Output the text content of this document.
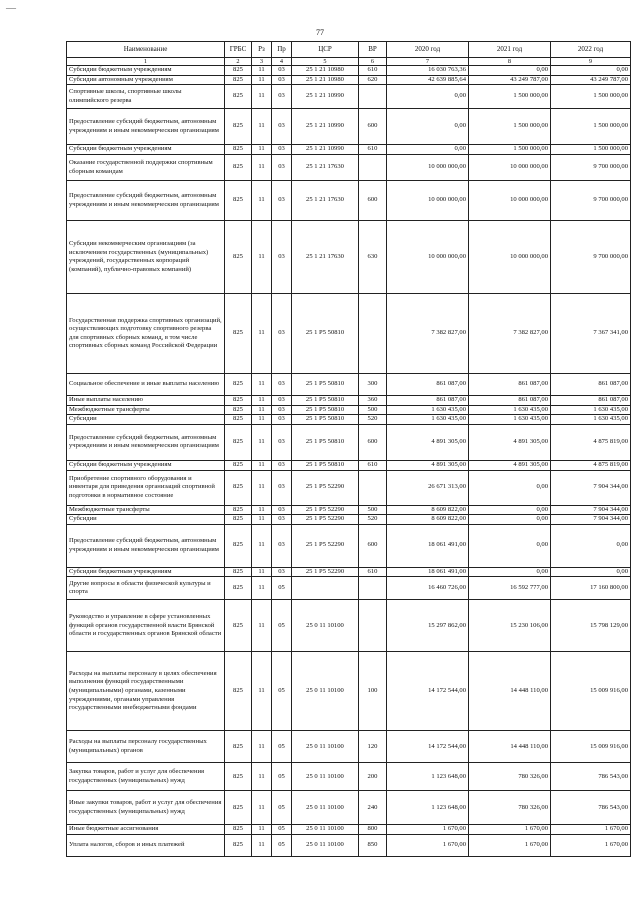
—
77
Наименование	ГРБС	Рз	Пр	ЦСР	ВР	2020 год	2021 год	2022 год
1	2	3	4	5	6	7	8	9
Субсидии бюджетным учреждениям	825	11	03	25 1 21 10980	610	16 030 763,36	0,00	0,00
Субсидии автономным учреждениям	825	11	03	25 1 21 10980	620	42 639 885,64	43 249 787,00	43 249 787,00
Спортивные школы, спортивные школы олимпийского резерва	825	11	03	25 1 21 10990		0,00	1 500 000,00	1 500 000,00
Предоставление субсидий бюджетным, автономным учреждениям и иным некоммерческим организациям	825	11	03	25 1 21 10990	600	0,00	1 500 000,00	1 500 000,00
Субсидии бюджетным учреждениям	825	11	03	25 1 21 10990	610	0,00	1 500 000,00	1 500 000,00
Оказание государственной поддержки спортивным сборным командам	825	11	03	25 1 21 17630		10 000 000,00	10 000 000,00	9 700 000,00
Предоставление субсидий бюджетным, автономным учреждениям и иным некоммерческим организациям	825	11	03	25 1 21 17630	600	10 000 000,00	10 000 000,00	9 700 000,00
Субсидии некоммерческим организациям (за исключением государственных (муниципальных) учреждений, государственных корпораций (компаний), публично-правовых компаний)	825	11	03	25 1 21 17630	630	10 000 000,00	10 000 000,00	9 700 000,00
Государственная поддержка спортивных организаций, осуществляющих подготовку спортивного резерва для спортивных сборных команд, в том числе спортивных сборных команд Российской Федерации	825	11	03	25 1 P5 50810		7 382 827,00	7 382 827,00	7 367 341,00
Социальное обеспечение и иные выплаты населению	825	11	03	25 1 P5 50810	300	861 087,00	861 087,00	861 087,00
Иные выплаты населению	825	11	03	25 1 P5 50810	360	861 087,00	861 087,00	861 087,00
Межбюджетные трансферты	825	11	03	25 1 P5 50810	500	1 630 435,00	1 630 435,00	1 630 435,00
Субсидии	825	11	03	25 1 P5 50810	520	1 630 435,00	1 630 435,00	1 630 435,00
Предоставление субсидий бюджетным, автономным учреждениям и иным некоммерческим организациям	825	11	03	25 1 P5 50810	600	4 891 305,00	4 891 305,00	4 875 819,00
Субсидии бюджетным учреждениям	825	11	03	25 1 P5 50810	610	4 891 305,00	4 891 305,00	4 875 819,00
Приобретение спортивного оборудования и инвентаря для приведения организаций спортивной подготовки в нормативное состояние	825	11	03	25 1 P5 52290		26 671 313,00	0,00	7 904 344,00
Межбюджетные трансферты	825	11	03	25 1 P5 52290	500	8 609 822,00	0,00	7 904 344,00
Субсидии	825	11	03	25 1 P5 52290	520	8 609 822,00	0,00	7 904 344,00
Предоставление субсидий бюджетным, автономным учреждениям и иным некоммерческим организациям	825	11	03	25 1 P5 52290	600	18 061 491,00	0,00	0,00
Субсидии бюджетным учреждениям	825	11	03	25 1 P5 52290	610	18 061 491,00	0,00	0,00
Другие вопросы в области физической культуры и спорта	825	11	05			16 460 726,00	16 592 777,00	17 160 800,00
Руководство и управление в сфере установленных функций органов государственной власти Брянской области и государственных органов Брянской области	825	11	05	25 0 11 10100		15 297 862,00	15 230 106,00	15 798 129,00
Расходы на выплаты персоналу в целях обеспечения выполнения функций государственными (муниципальными) органами, казенными учреждениями, органами управления государственными внебюджетными фондами	825	11	05	25 0 11 10100	100	14 172 544,00	14 448 110,00	15 009 916,00
Расходы на выплаты персоналу государственных (муниципальных) органов	825	11	05	25 0 11 10100	120	14 172 544,00	14 448 110,00	15 009 916,00
Закупка товаров, работ и услуг для обеспечения государственных (муниципальных) нужд	825	11	05	25 0 11 10100	200	1 123 648,00	780 326,00	786 543,00
Иные закупки товаров, работ и услуг для обеспечения государственных (муниципальных) нужд	825	11	05	25 0 11 10100	240	1 123 648,00	780 326,00	786 543,00
Иные бюджетные ассигнования	825	11	05	25 0 11 10100	800	1 670,00	1 670,00	1 670,00
Уплата налогов, сборов и иных платежей	825	11	05	25 0 11 10100	850	1 670,00	1 670,00	1 670,00
